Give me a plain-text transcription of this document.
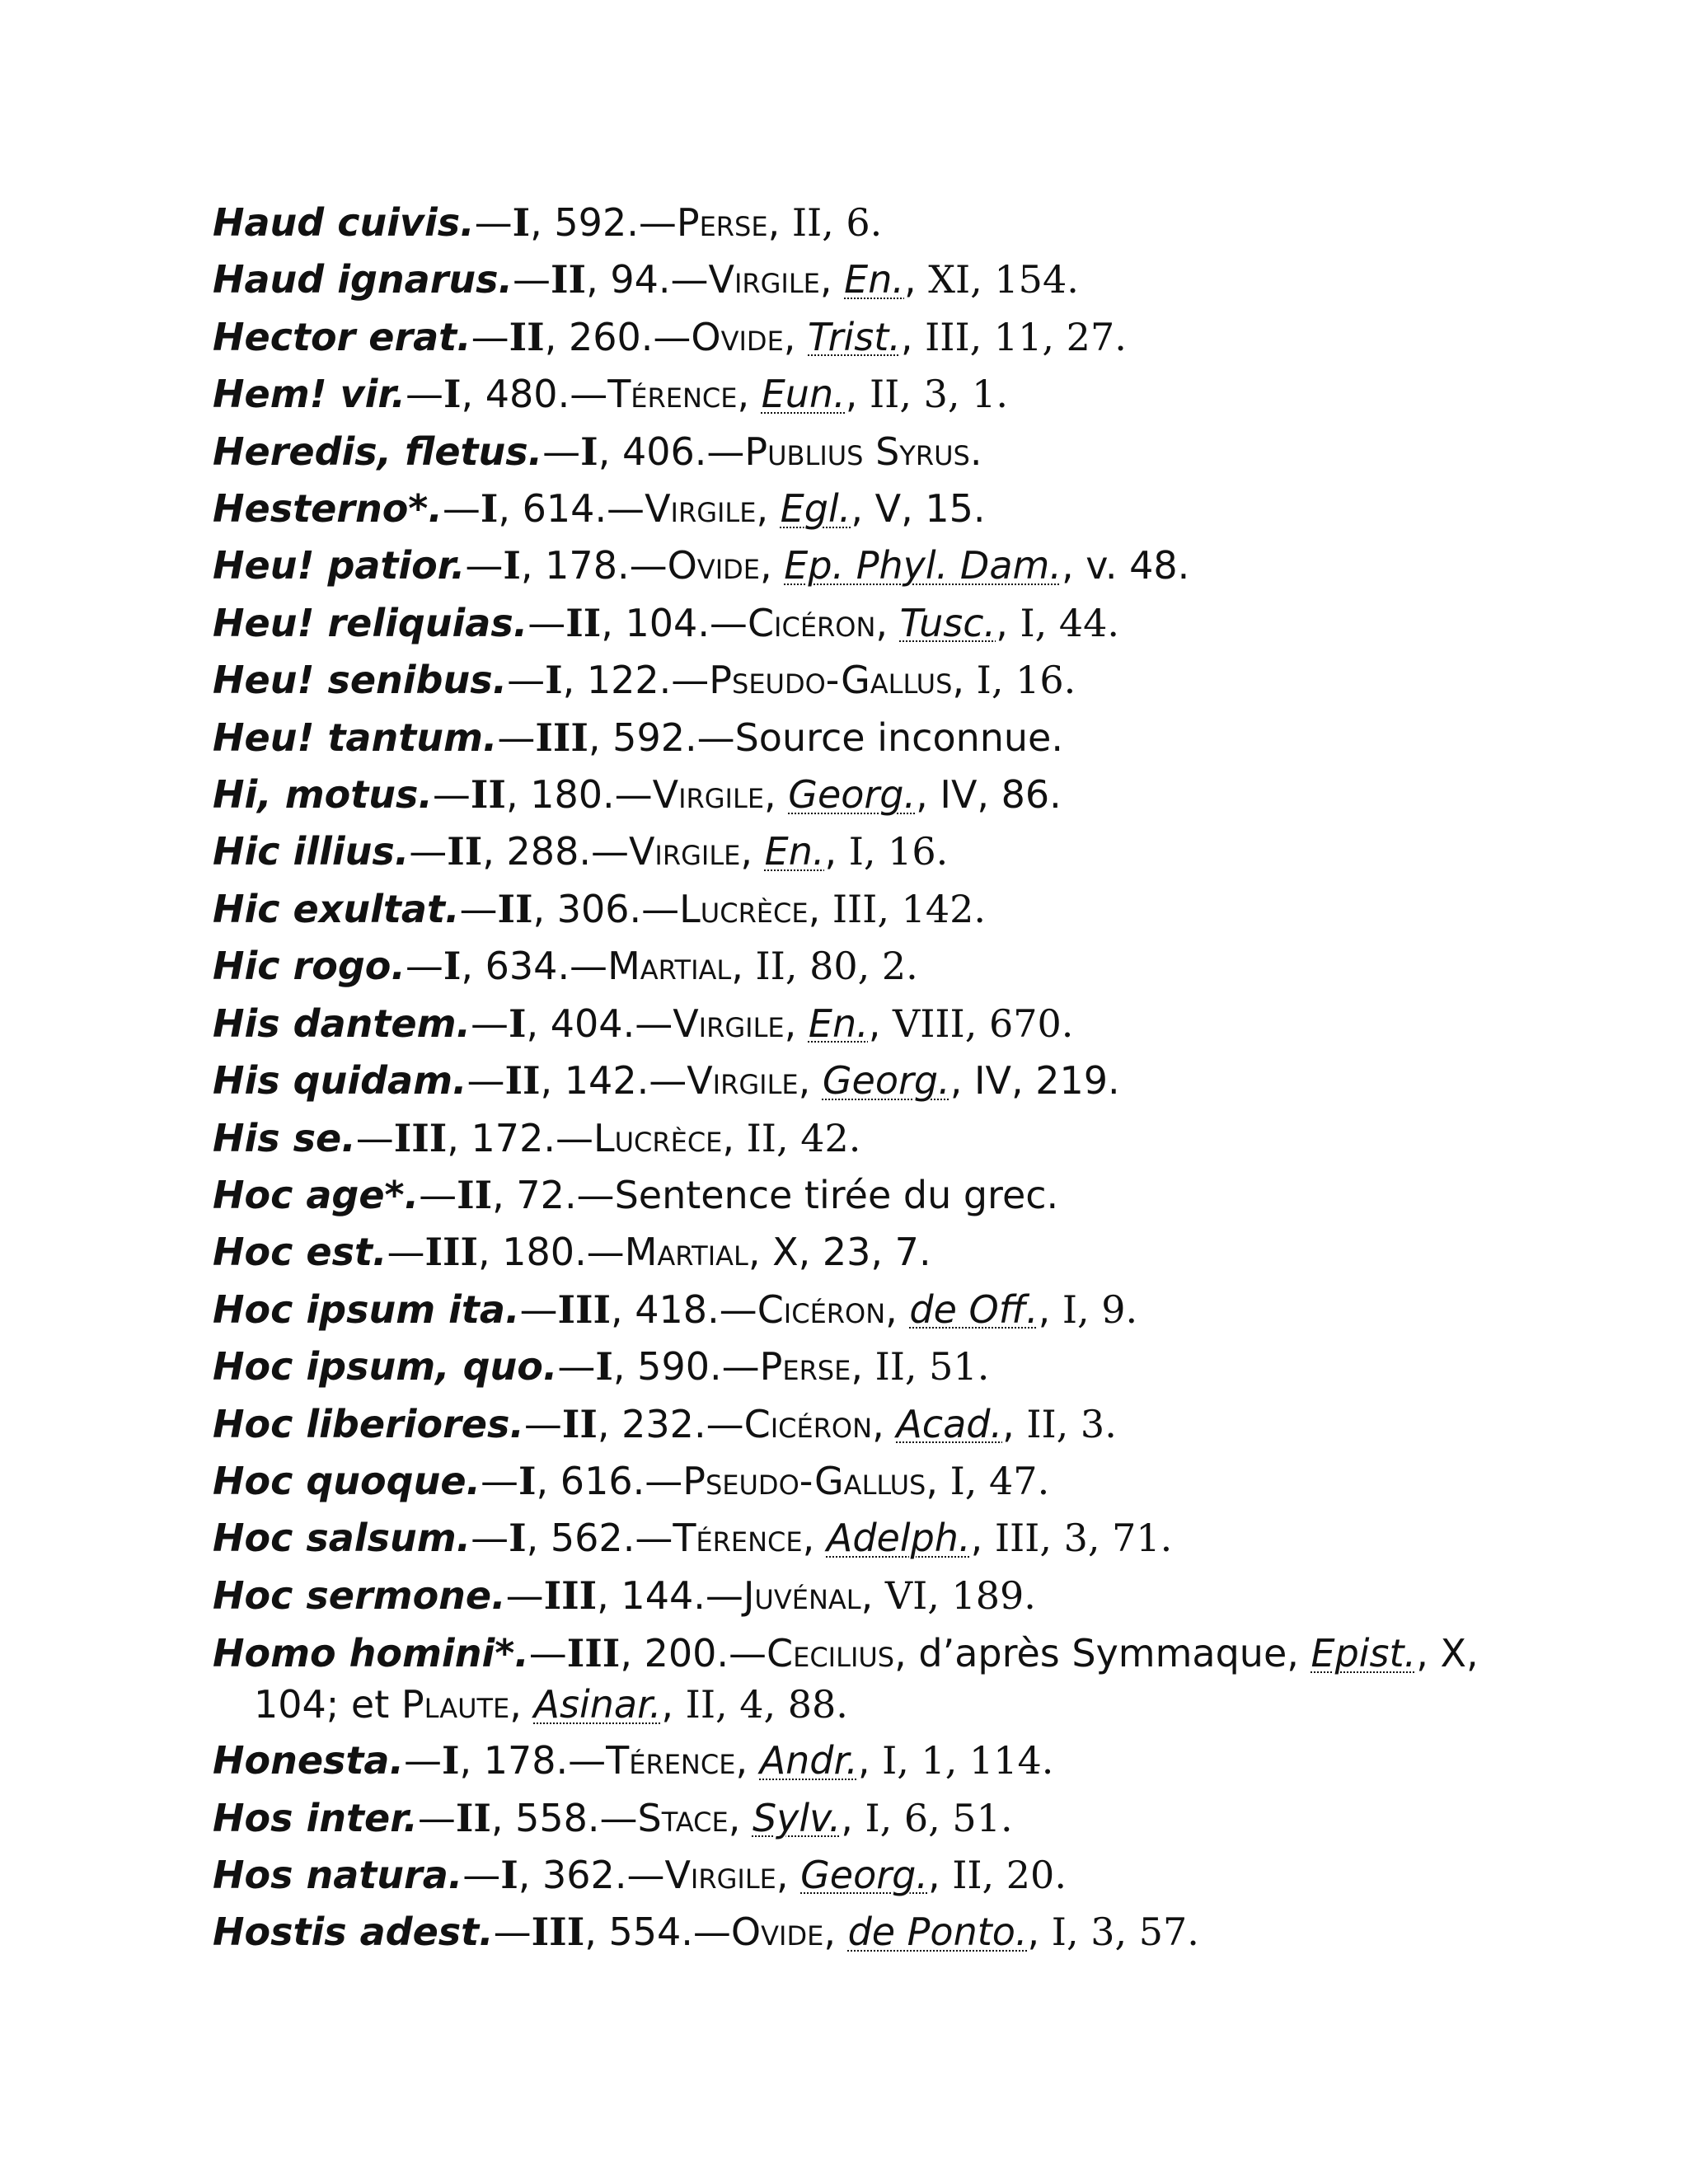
Haud cuivis.—I, 592.—Perse, II, 6.
Haud ignarus.—II, 94.—Virgile, En., XI, 154.
Hector erat.—II, 260.—Ovide, Trist., III, 11, 27.
Hem! vir.—I, 480.—Térence, Eun., II, 3, 1.
Heredis, fletus.—I, 406.—Publius Syrus.
Hesterno*.—I, 614.—Virgile, Egl., V, 15.
Heu! patior.—I, 178.—Ovide, Ep. Phyl. Dam., v. 48.
Heu! reliquias.—II, 104.—Cicéron, Tusc., I, 44.
Heu! senibus.—I, 122.—Pseudo-Gallus, I, 16.
Heu! tantum.—III, 592.—Source inconnue.
Hi, motus.—II, 180.—Virgile, Georg., IV, 86.
Hic illius.—II, 288.—Virgile, En., I, 16.
Hic exultat.—II, 306.—Lucrèce, III, 142.
Hic rogo.—I, 634.—Martial, II, 80, 2.
His dantem.—I, 404.—Virgile, En., VIII, 670.
His quidam.—II, 142.—Virgile, Georg., IV, 219.
His se.—III, 172.—Lucrèce, II, 42.
Hoc age*.—II, 72.—Sentence tirée du grec.
Hoc est.—III, 180.—Martial, X, 23, 7.
Hoc ipsum ita.—III, 418.—Cicéron, de Off., I, 9.
Hoc ipsum, quo.—I, 590.—Perse, II, 51.
Hoc liberiores.—II, 232.—Cicéron, Acad., II, 3.
Hoc quoque.—I, 616.—Pseudo-Gallus, I, 47.
Hoc salsum.—I, 562.—Térence, Adelph., III, 3, 71.
Hoc sermone.—III, 144.—Juvénal, VI, 189.
Homo homini*.—III, 200.—Cecilius, d’après Symmaque, Epist., X, 104; et Plaute, Asinar., II, 4, 88.
Honesta.—I, 178.—Térence, Andr., I, 1, 114.
Hos inter.—II, 558.—Stace, Sylv., I, 6, 51.
Hos natura.—I, 362.—Virgile, Georg., II, 20.
Hostis adest.—III, 554.—Ovide, de Ponto., I, 3, 57.
